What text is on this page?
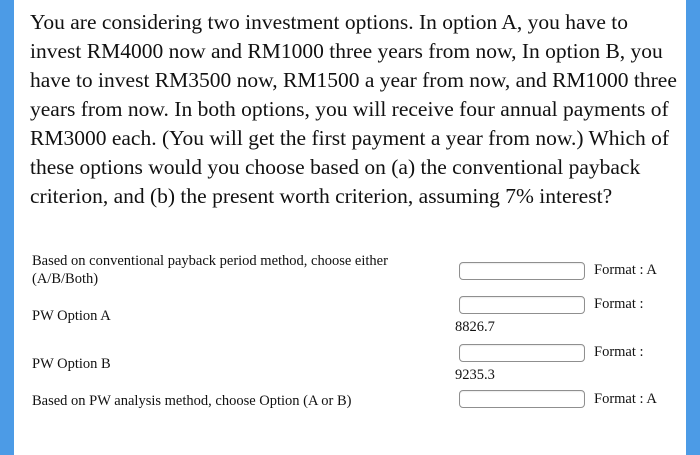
You are considering two investment options. In option A, you have to invest RM4000 now and RM1000 three years from now, In option B, you have to invest RM3500 now, RM1500 a year from now, and RM1000 three years from now. In both options, you will receive four annual payments of RM3000 each. (You will get the first payment a year from now.) Which of these options would you choose based on (a) the conventional payback criterion, and (b) the present worth criterion, assuming 7% interest?

Based on conventional payback period method, choose either (A/B/Both)
Format : A
PW Option A
Format :
8826.7
PW Option B
Format :
9235.3
Based on PW analysis method, choose Option (A or B)	Format : A
